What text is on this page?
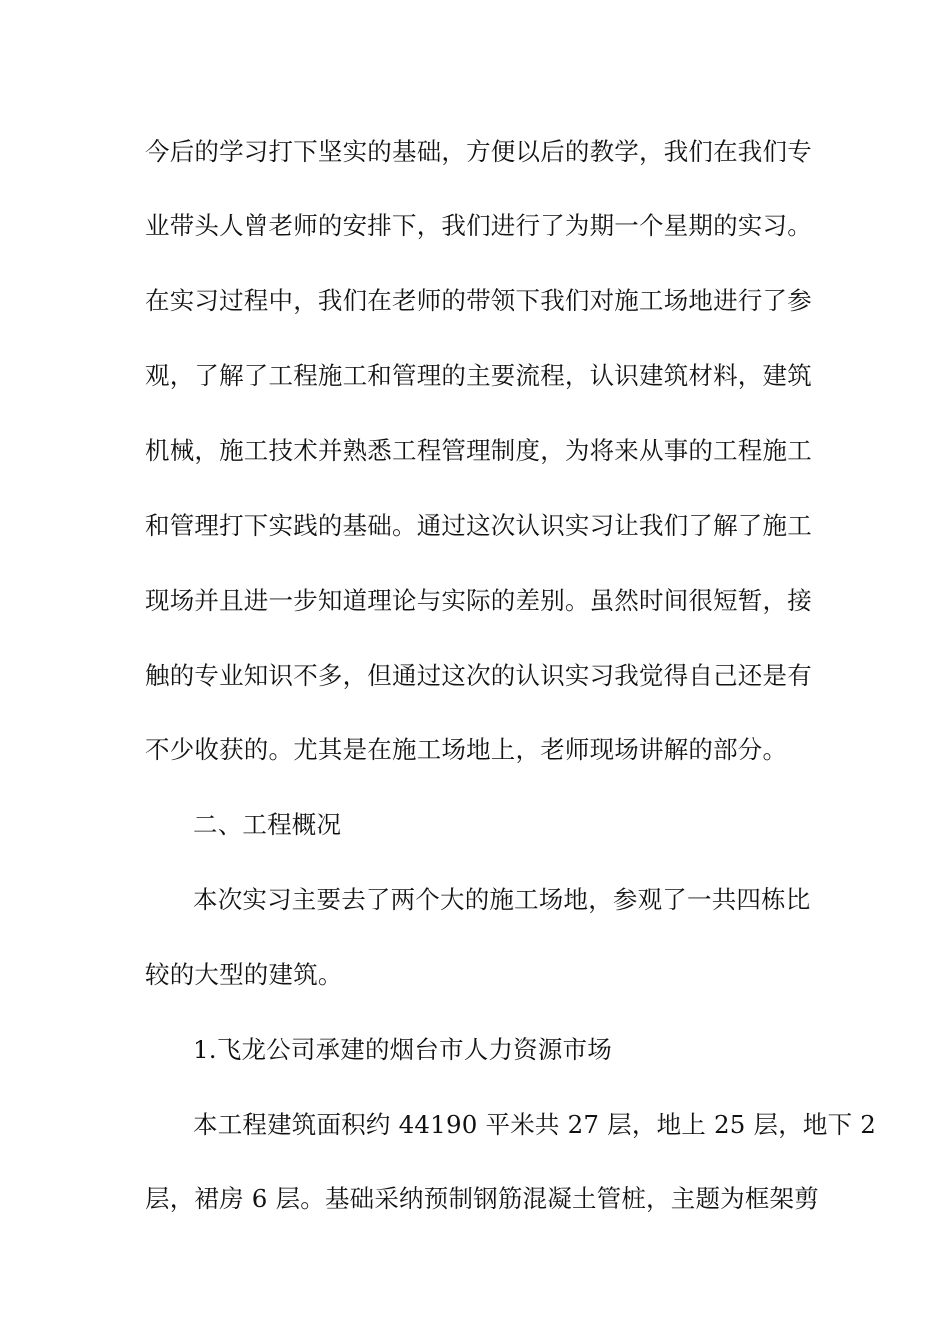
今后的学习打下坚实的基础，方便以后的教学，我们在我们专
业带头人曾老师的安排下，我们进行了为期一个星期的实习。
在实习过程中，我们在老师的带领下我们对施工场地进行了参
观，了解了工程施工和管理的主要流程，认识建筑材料，建筑
机械，施工技术并熟悉工程管理制度，为将来从事的工程施工
和管理打下实践的基础。通过这次认识实习让我们了解了施工
现场并且进一步知道理论与实际的差别。虽然时间很短暂，接
触的专业知识不多，但通过这次的认识实习我觉得自己还是有
不少收获的。尤其是在施工场地上，老师现场讲解的部分。
二、工程概况
本次实习主要去了两个大的施工场地，参观了一共四栋比
较的大型的建筑。
1.飞龙公司承建的烟台市人力资源市场
本工程建筑面积约 44190 平米共 27 层，地上 25 层，地下 2
层，裙房 6 层。基础采纳预制钢筋混凝土管桩，主题为框架剪
